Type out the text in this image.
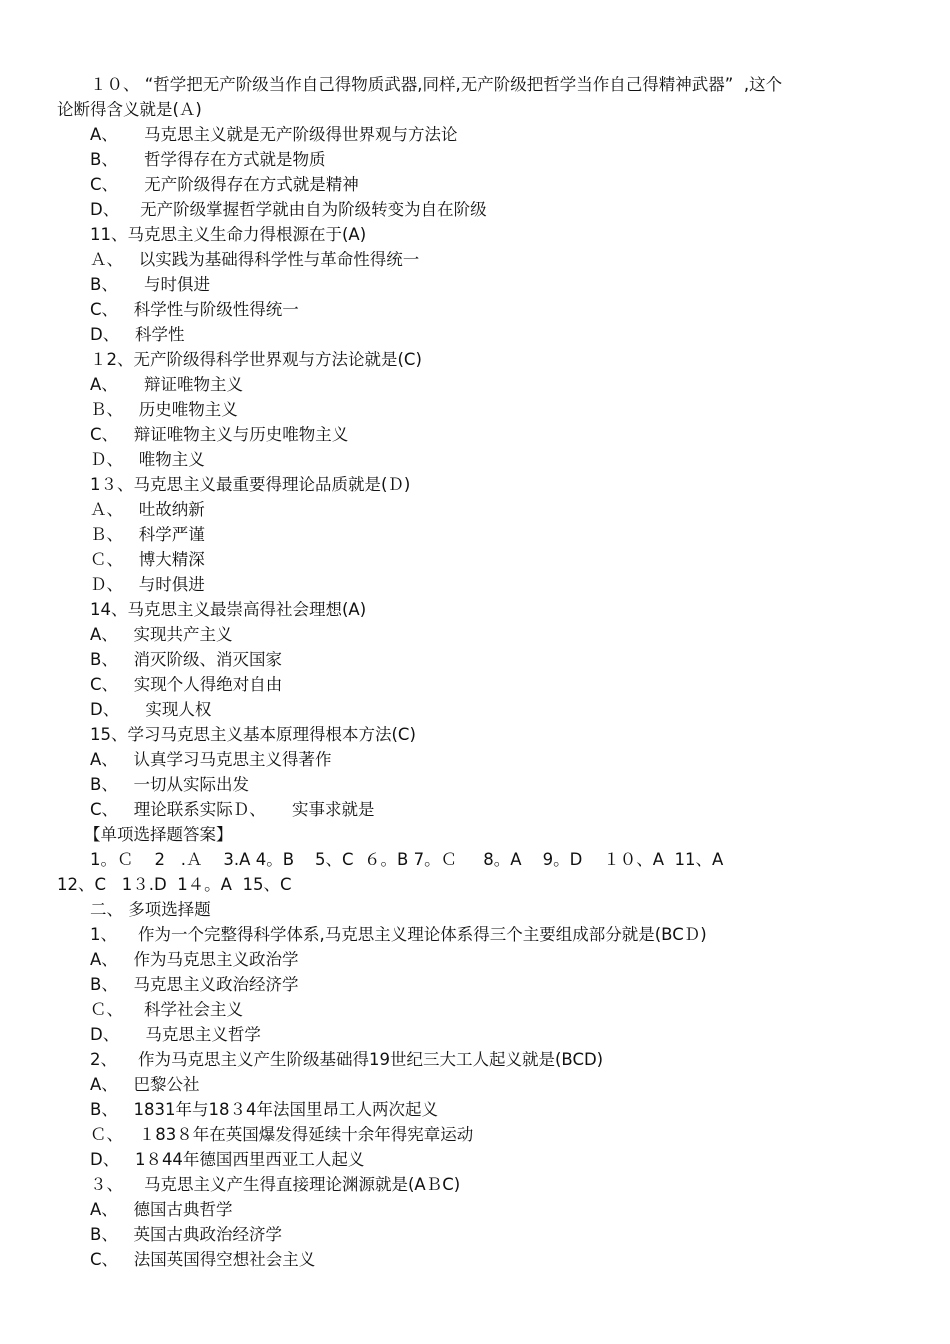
１０、 “哲学把无产阶级当作自己得物质武器,同样,无产阶级把哲学当作自己得精神武器”  ,这个
论断得含义就是(Ａ)
A、     马克思主义就是无产阶级得世界观与方法论
B、     哲学得存在方式就是物质
C、     无产阶级得存在方式就是精神
D、    无产阶级掌握哲学就由自为阶级转变为自在阶级
11、马克思主义生命力得根源在于(A)
Ａ、   以实践为基础得科学性与革命性得统一
B、     与时俱进
C、   科学性与阶级性得统一
D、   科学性
１2、无产阶级得科学世界观与方法论就是(C)
A、     辩证唯物主义
Ｂ、   历史唯物主义
C、   辩证唯物主义与历史唯物主义
Ｄ、   唯物主义
1３、马克思主义最重要得理论品质就是(Ｄ)
Ａ、   吐故纳新
Ｂ、   科学严谨
Ｃ、   博大精深
Ｄ、   与时俱进
14、马克思主义最崇高得社会理想(A)
A、   实现共产主义
B、   消灭阶级、消灭国家
C、   实现个人得绝对自由
D、     实现人权
15、学习马克思主义基本原理得根本方法(C)
A、   认真学习马克思主义得著作
B、   一切从实际出发
C、   理论联系实际Ｄ、     实事求就是
【单项选择题答案】
1。Ｃ    2   .Ａ    3.A 4。B    5、C  ６。B 7。Ｃ     8。A    9。D    １０、A  11、A
12、C   1３.D  1４。A  15、C
二、 多项选择题
1、    作为一个完整得科学体系,马克思主义理论体系得三个主要组成部分就是(BCＤ)
A、   作为马克思主义政治学
B、   马克思主义政治经济学
Ｃ、    科学社会主义
D、     马克思主义哲学
2、    作为马克思主义产生阶级基础得19世纪三大工人起义就是(BCD)
A、   巴黎公社
B、   1831年与18３4年法国里昂工人两次起义
Ｃ、   １83８年在英国爆发得延续十余年得宪章运动
D、   1８44年德国西里西亚工人起义
３、    马克思主义产生得直接理论渊源就是(AＢC)
A、   德国古典哲学
B、   英国古典政治经济学
C、   法国英国得空想社会主义
